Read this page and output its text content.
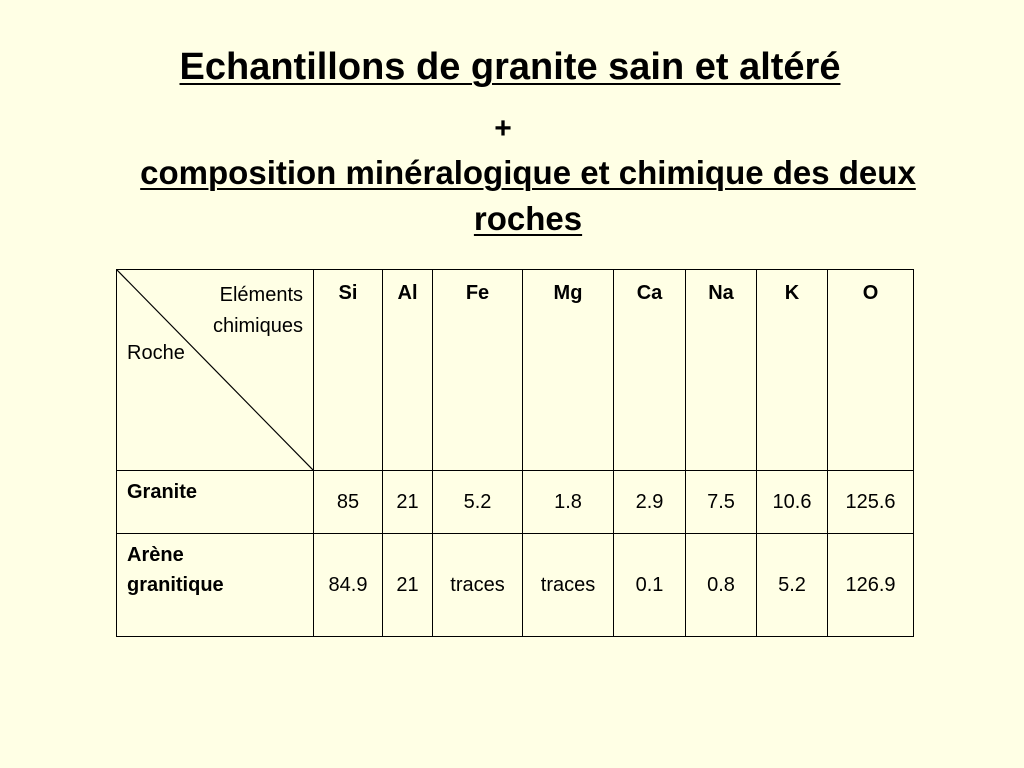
Echantillons de granite sain et altéré
+
composition minéralogique et chimique des deux
roches
Eléments
chimiques
Roche	Si	Al	Fe	Mg	Ca	Na	K	O
Granite	85	21	5.2	1.8	2.9	7.5	10.6	125.6
Arène
granitique	84.9	21	traces	traces	0.1	0.8	5.2	126.9
